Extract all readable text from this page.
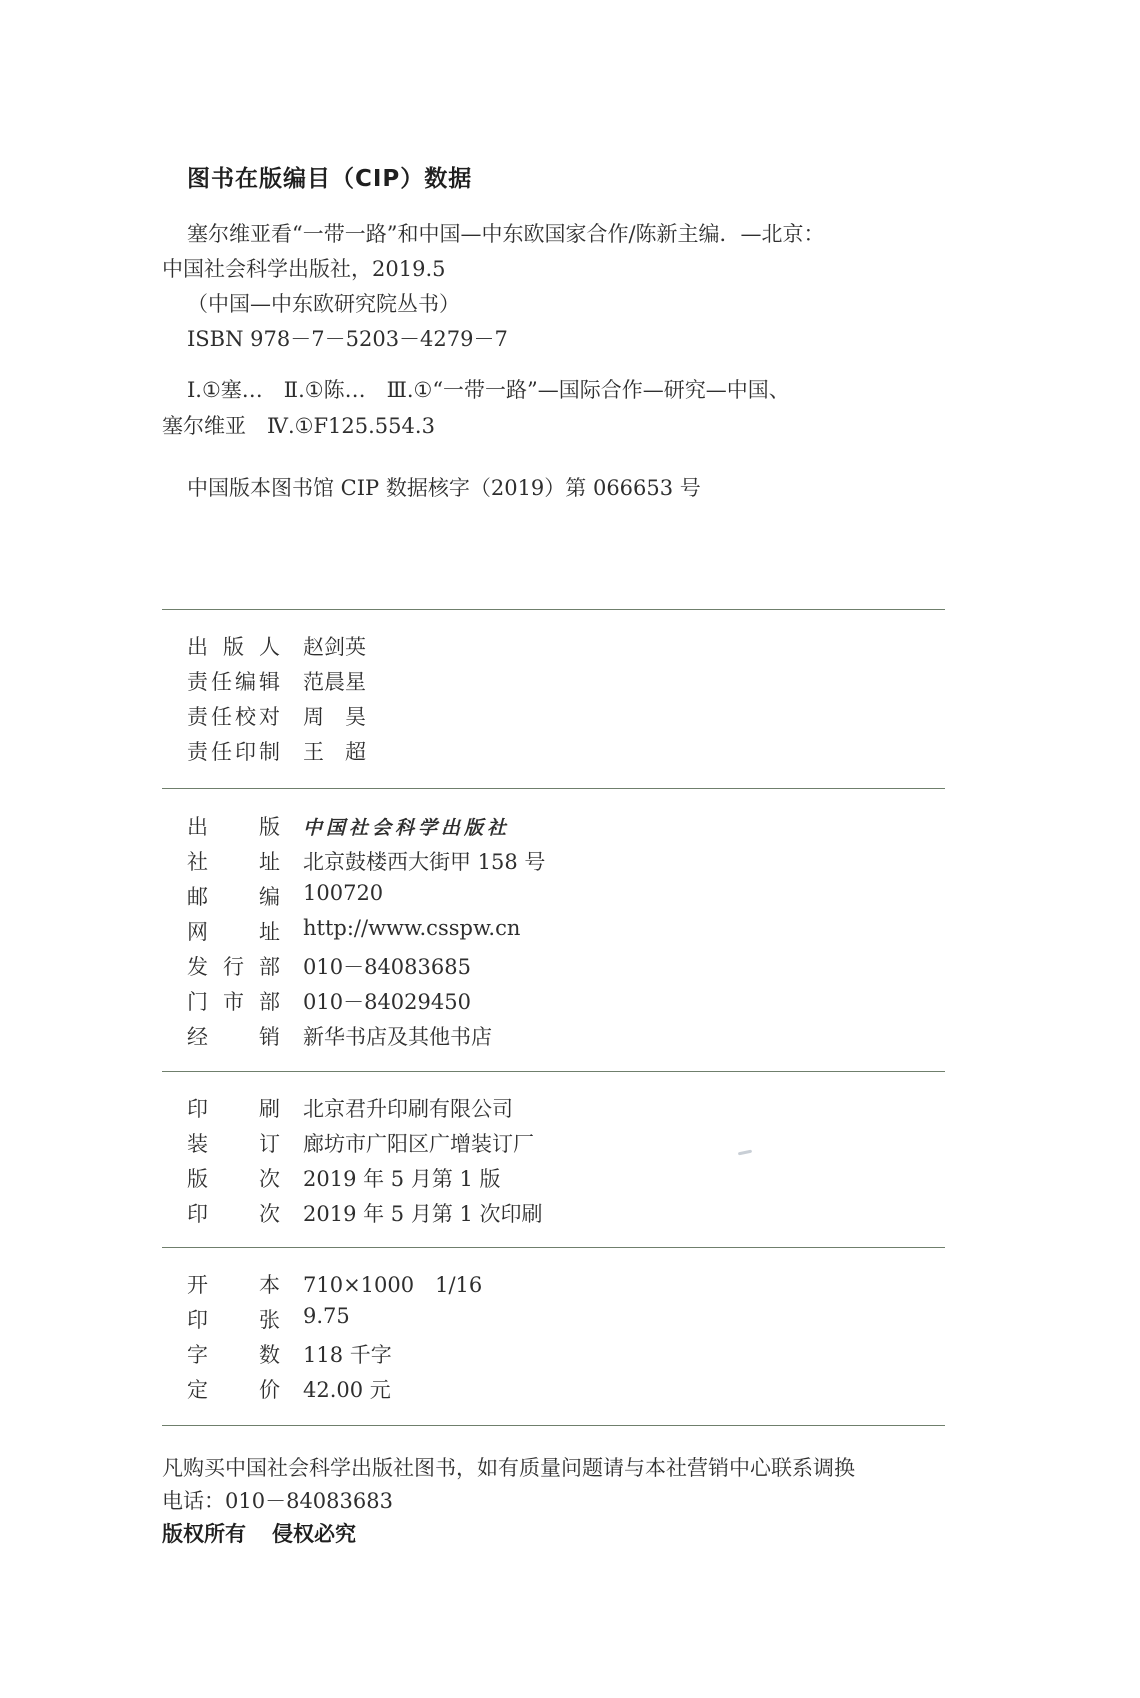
图书在版编目（CIP）数据
塞尔维亚看“一带一路”和中国—中东欧国家合作/陈新主编．—北京：
中国社会科学出版社，2019.5
（中国—中东欧研究院丛书）
ISBN 978－7－5203－4279－7
Ⅰ.①塞…　Ⅱ.①陈…　Ⅲ.①“一带一路”—国际合作—研究—中国、
塞尔维亚　Ⅳ.①F125.554.3
中国版本图书馆 CIP 数据核字（2019）第 066653 号
出 版 人 赵剑英
责 任 编 辑 范晨星
责 任 校 对 周　昊
责 任 印 制 王　超
出 版 中国社会科学出版社
社 址 北京鼓楼西大街甲 158 号
邮 编 100720
网 址 http://www.csspw.cn
发 行 部 010－84083685
门 市 部 010－84029450
经 销 新华书店及其他书店
印 刷 北京君升印刷有限公司
装 订 廊坊市广阳区广增装订厂
版 次 2019 年 5 月第 1 版
印 次 2019 年 5 月第 1 次印刷
开 本 710×1000　1/16
印 张 9.75
字 数 118 千字
定 价 42.00 元
凡购买中国社会科学出版社图书，如有质量问题请与本社营销中心联系调换
电话：010－84083683
版权所有 侵权必究
